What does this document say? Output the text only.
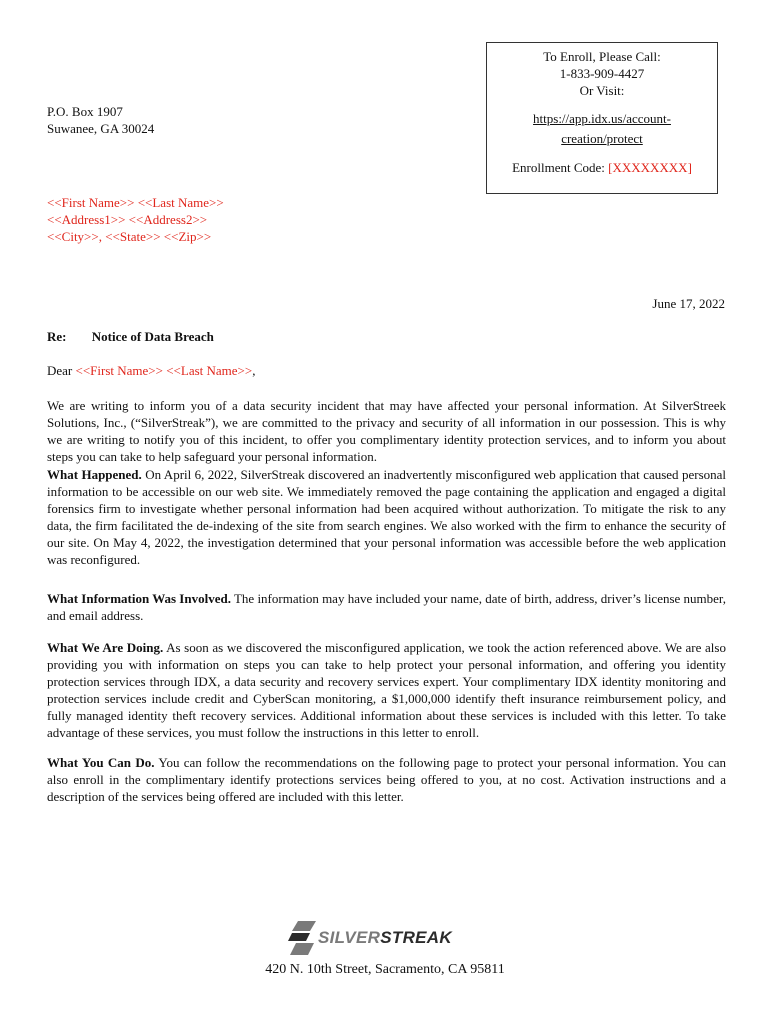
To Enroll, Please Call:
1-833-909-4427
Or Visit:
https://app.idx.us/account-creation/protect
Enrollment Code: [XXXXXXXX]
P.O. Box 1907
Suwanee, GA 30024
<<First Name>> <<Last Name>>
<<Address1>> <<Address2>>
<<City>>, <<State>> <<Zip>>
June 17, 2022
Re: Notice of Data Breach
Dear <<First Name>> <<Last Name>>,

We are writing to inform you of a data security incident that may have affected your personal information. At SilverStreek Solutions, Inc., (“SilverStreak”), we are committed to the privacy and security of all information in our possession. This is why we are writing to notify you of this incident, to offer you complimentary identity protection services, and to inform you about steps you can take to help safeguard your personal information.

What Happened. On April 6, 2022, SilverStreak discovered an inadvertently misconfigured web application that caused personal information to be accessible on our web site. We immediately removed the page containing the application and engaged a digital forensics firm to investigate whether personal information had been acquired without authorization. To mitigate the risk to any data, the firm facilitated the de-indexing of the site from search engines. We also worked with the firm to enhance the security of our site. On May 4, 2022, the investigation determined that your personal information was accessible before the web application was reconfigured.

What Information Was Involved. The information may have included your name, date of birth, address, driver’s license number, and email address.

What We Are Doing. As soon as we discovered the misconfigured application, we took the action referenced above. We are also providing you with information on steps you can take to help protect your personal information, and offering you identity protection services through IDX, a data security and recovery services expert. Your complimentary IDX identity monitoring and protection services include credit and CyberScan monitoring, a $1,000,000 identify theft insurance reimbursement policy, and fully managed identity theft recovery services. Additional information about these services is included with this letter. To take advantage of these services, you must follow the instructions in this letter to enroll.

What You Can Do. You can follow the recommendations on the following page to protect your personal information. You can also enroll in the complimentary identify protections services being offered to you, at no cost. Activation instructions and a description of the services being offered are included with this letter.

SILVERSTREAK
420 N. 10th Street, Sacramento, CA 95811
